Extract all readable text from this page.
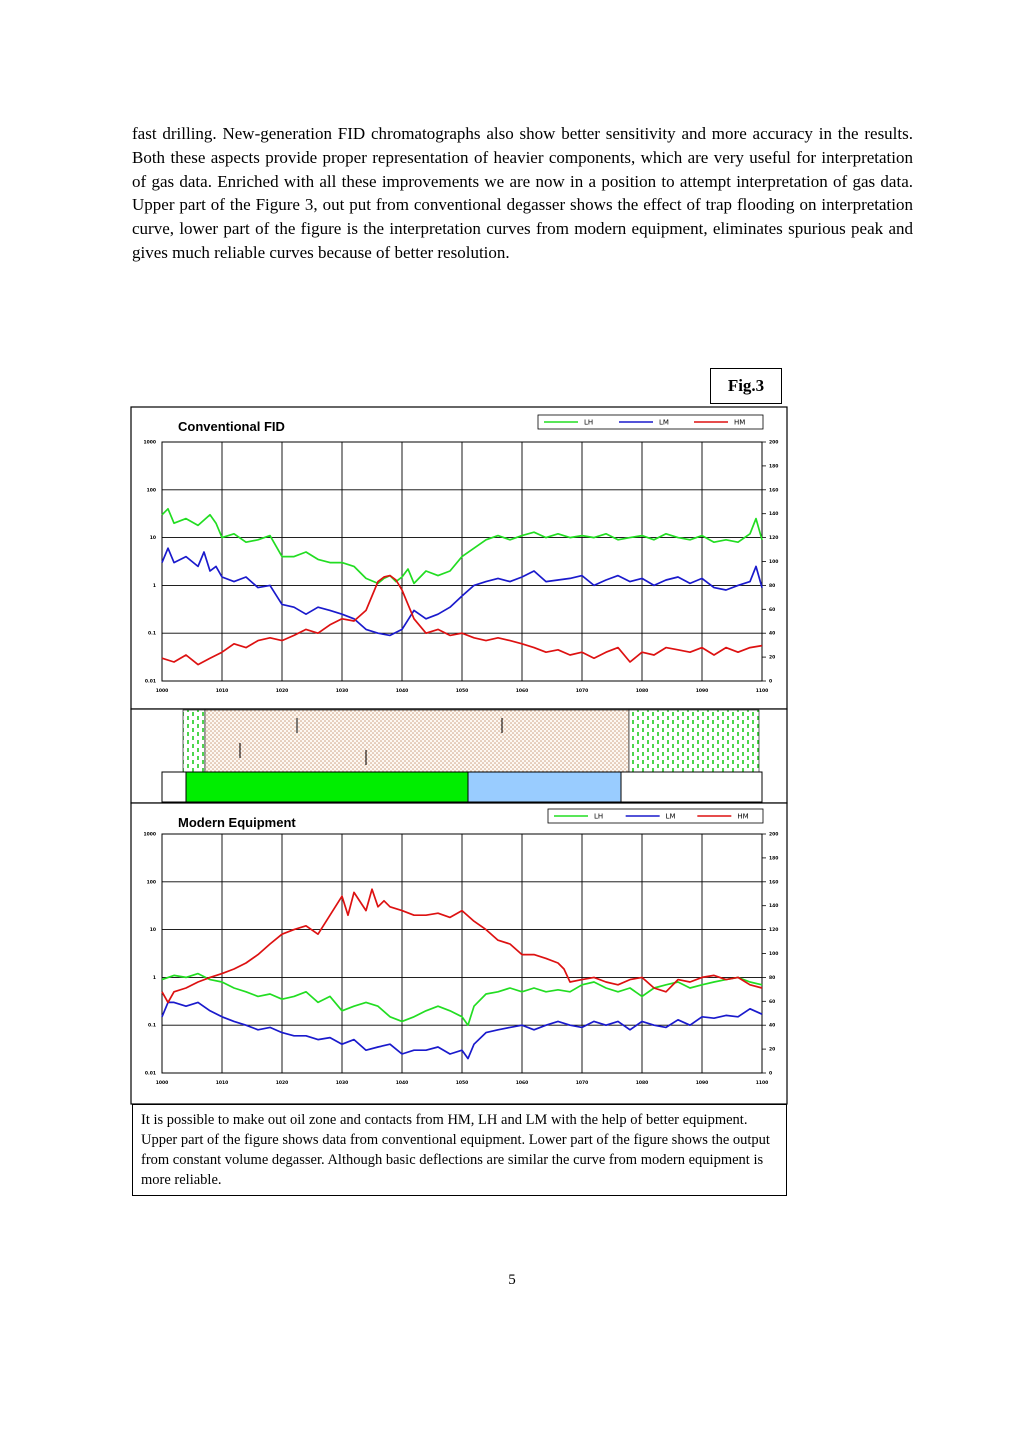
fast drilling. New-generation FID chromatographs also show better sensitivity and more accuracy in the results. Both these aspects provide proper representation of heavier components, which are very useful for interpretation of gas data. Enriched with all these improvements we are now in a position to attempt interpretation of gas data. Upper part of the Figure 3, out put from conventional degasser shows the effect of trap flooding on interpretation curve, lower part of the figure is the interpretation curves from modern equipment, eliminates spurious peak and gives much reliable curves because of better resolution.

Fig.3
Conventional FID	LH	LM	HM
1000	1010	1020	1030	1040	1050	1060	1070	1080	1090	1100
1000
100
10
1
0.1
0.01
200
180
160
140
120
100
80
60
40
20
0
Modern Equipment	LH	LM	HM
1000	1010	1020	1030	1040	1050	1060	1070	1080	1090	1100
1000
100
10
1
0.1
0.01
200
180
160
140
120
100
80
60
40
20
0
It is possible to make out oil zone and contacts from HM, LH and LM with the help of better equipment. Upper part of the figure shows data from conventional equipment. Lower part of the figure shows the output from constant volume degasser. Although basic deflections are similar the curve from modern equipment is more reliable.
5
